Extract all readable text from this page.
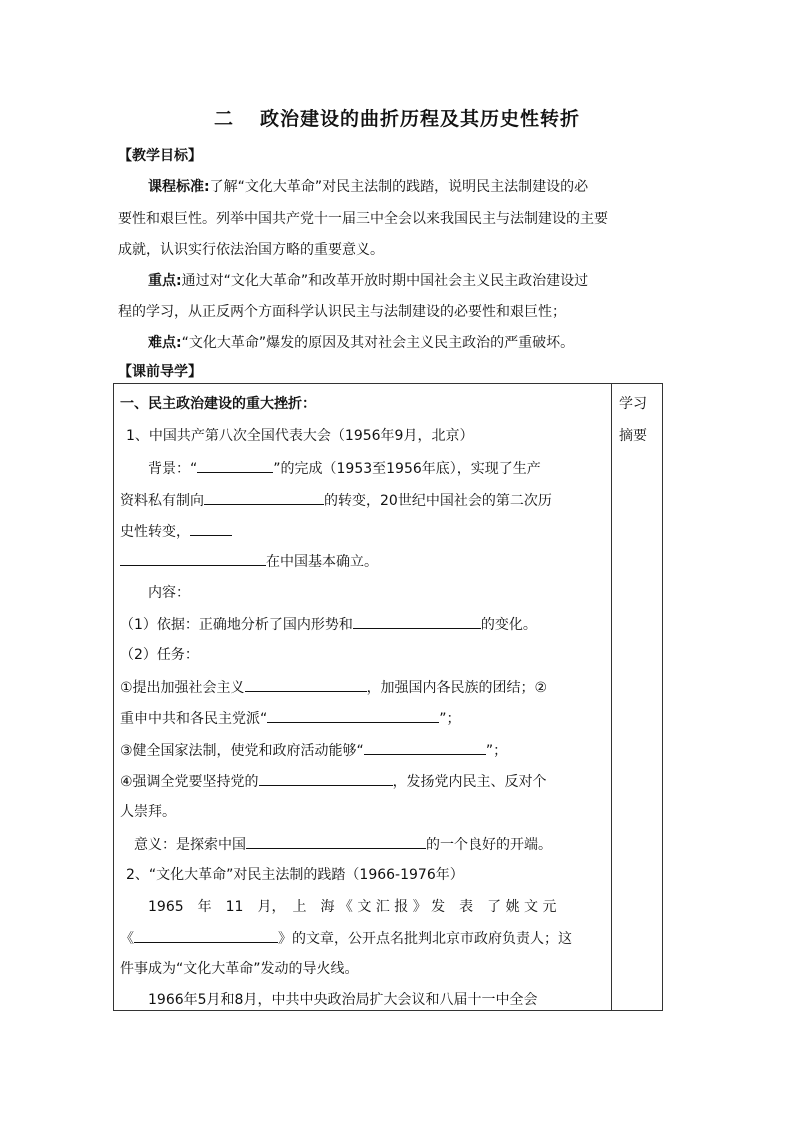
二 政治建设的曲折历程及其历史性转折
【教学目标】
课程标准:了解“文化大革命”对民主法制的践踏，说明民主法制建设的必
要性和艰巨性。列举中国共产党十一届三中全会以来我国民主与法制建设的主要
成就，认识实行依法治国方略的重要意义。
重点:通过对“文化大革命”和改革开放时期中国社会主义民主政治建设过
程的学习，从正反两个方面科学认识民主与法制建设的必要性和艰巨性；
难点:“文化大革命”爆发的原因及其对社会主义民主政治的严重破坏。
【课前导学】
学习
摘要
一、民主政治建设的重大挫折：
1、中国共产第八次全国代表大会（1956年9月，北京）
背景：“	”的完成（1953至1956年底），实现了生产
资料私有制向	的转变，20世纪中国社会的第二次历
史性转变，
在中国基本确立。
内容：
（1）依据：正确地分析了国内形势和	的变化。
（2）任务：
①提出加强社会主义	，加强国内各民族的团结；②
重申中共和各民主党派“	”；
③健全国家法制，使党和政府活动能够“	”；
④强调全党要坚持党的	，发扬党内民主、反对个
人崇拜。
意义：是探索中国	的一个良好的开端。
2、“文化大革命”对民主法制的践踏（1966-1976年）
1965　年　11　月，　上　海 《 文 汇 报 》 发　表　了 姚 文 元
《	》的文章，公开点名批判北京市政府负责人；这
件事成为“文化大革命”发动的导火线。
1966年5月和8月，中共中央政治局扩大会议和八届十一中全会
